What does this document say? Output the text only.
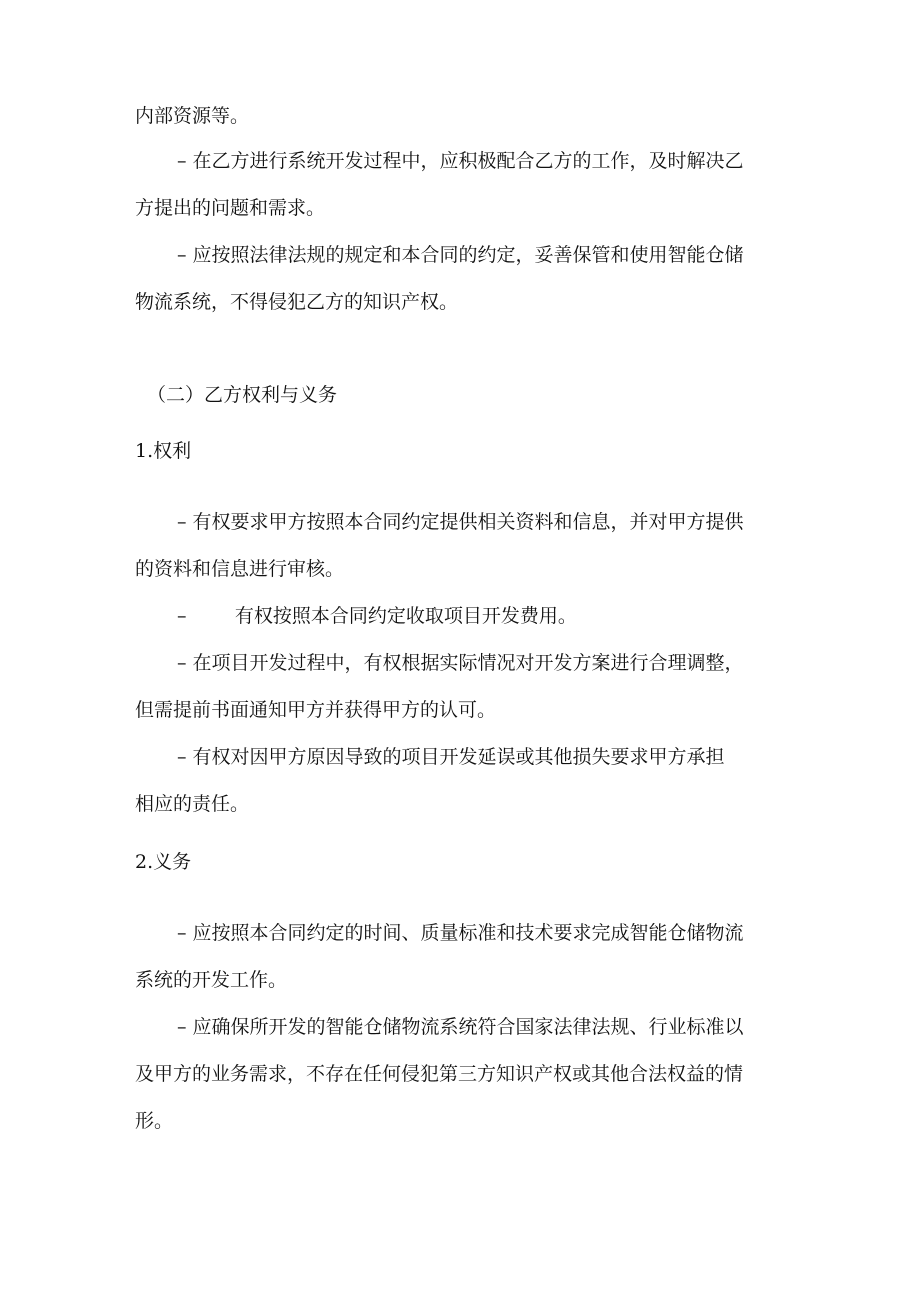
内部资源等。
– 在乙方进行系统开发过程中，应积极配合乙方的工作，及时解决乙
方提出的问题和需求。
– 应按照法律法规的规定和本合同的约定，妥善保管和使用智能仓储
物流系统，不得侵犯乙方的知识产权。
（二）乙方权利与义务
1.权利
– 有权要求甲方按照本合同约定提供相关资料和信息，并对甲方提供
的资料和信息进行审核。
–        有权按照本合同约定收取项目开发费用。
– 在项目开发过程中，有权根据实际情况对开发方案进行合理调整，
但需提前书面通知甲方并获得甲方的认可。
– 有权对因甲方原因导致的项目开发延误或其他损失要求甲方承担
相应的责任。
2.义务
– 应按照本合同约定的时间、质量标准和技术要求完成智能仓储物流
系统的开发工作。
– 应确保所开发的智能仓储物流系统符合国家法律法规、行业标准以
及甲方的业务需求，不存在任何侵犯第三方知识产权或其他合法权益的情
形。
